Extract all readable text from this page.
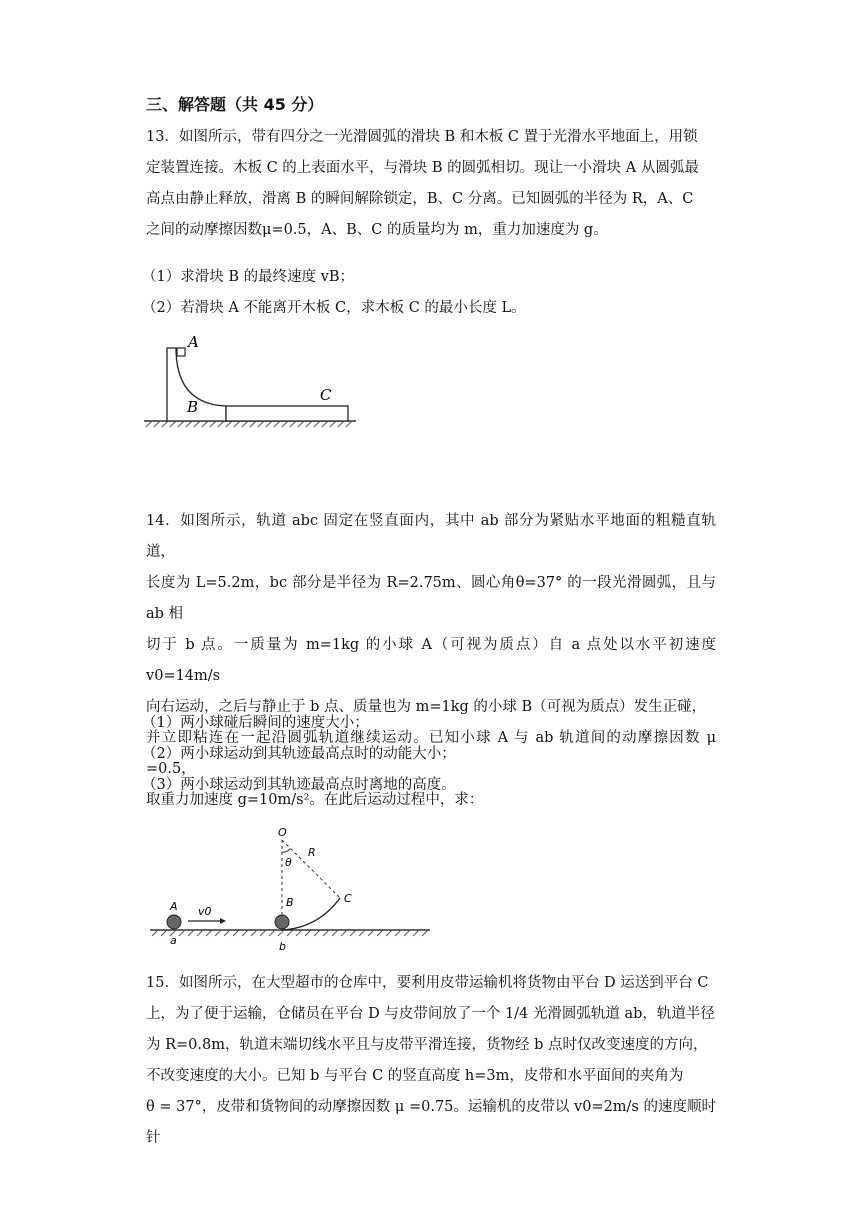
三、解答题（共 45 分）

13．如图所示，带有四分之一光滑圆弧的滑块 B 和木板 C 置于光滑水平地面上，用锁

定装置连接。木板 C 的上表面水平，与滑块 B 的圆弧相切。现让一小滑块 A 从圆弧最

高点由静止释放，滑离 B 的瞬间解除锁定，B、C 分离。已知圆弧的半径为 R，A、C

之间的动摩擦因数μ=0.5，A、B、C 的质量均为 m，重力加速度为 g。

（1）求滑块 B 的最终速度 vB；

（2）若滑块 A 不能离开木板 C，求木板 C 的最小长度 L。

A
B
C

14．如图所示，轨道 abc 固定在竖直面内，其中 ab 部分为紧贴水平地面的粗糙直轨道，

长度为 L=5.2m，bc 部分是半径为 R=2.75m、圆心角θ=37° 的一段光滑圆弧，且与 ab 相

切于 b 点。一质量为 m=1kg 的小球 A（可视为质点）自 a 点处以水平初速度 v0=14m/s

向右运动，之后与静止于 b 点、质量也为 m=1kg 的小球 B（可视为质点）发生正碰，

并立即粘连在一起沿圆弧轨道继续运动。已知小球 A 与 ab 轨道间的动摩擦因数 μ =0.5，

取重力加速度 g=10m/s²。在此后运动过程中，求：

（1）两小球碰后瞬间的速度大小；

（2）两小球运动到其轨迹最高点时的动能大小；

（3）两小球运动到其轨迹最高点时离地的高度。

O
R
θ
B	C
A v0
a	b

15．如图所示，在大型超市的仓库中，要利用皮带运输机将货物由平台 D 运送到平台 C

上，为了便于运输，仓储员在平台 D 与皮带间放了一个 1/4 光滑圆弧轨道 ab，轨道半径

为 R=0.8m，轨道末端切线水平且与皮带平滑连接，货物经 b 点时仅改变速度的方向，

不改变速度的大小。已知 b 与平台 C 的竖直高度 h=3m，皮带和水平面间的夹角为

θ = 37°，皮带和货物间的动摩擦因数 μ =0.75。运输机的皮带以 v0=2m/s 的速度顺时针
